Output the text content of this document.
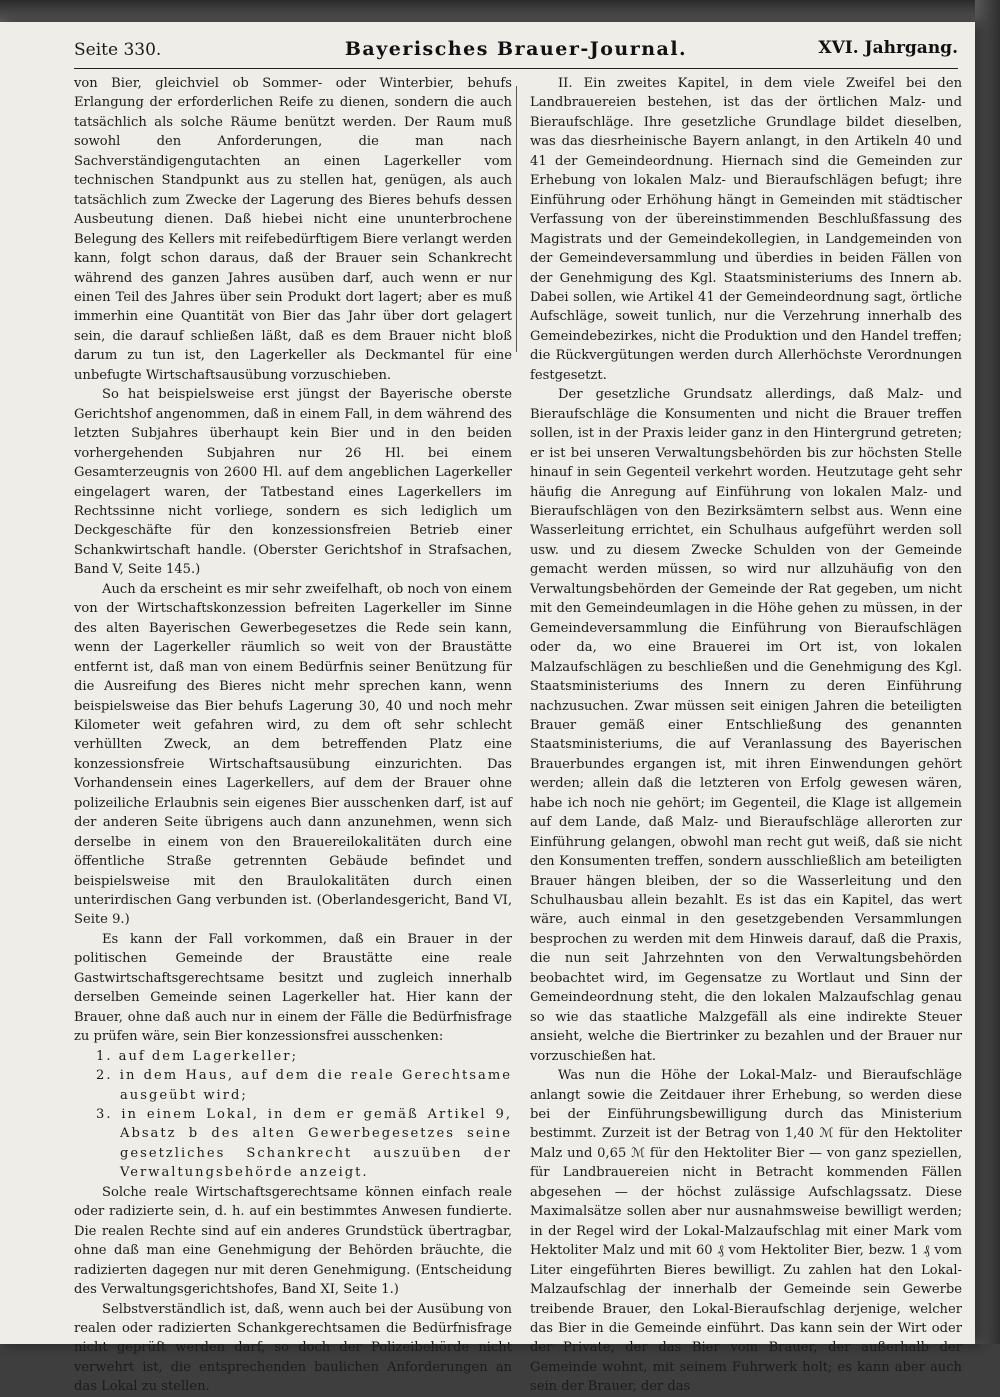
Seite 330.	Bayerisches Brauer-Journal.	XVI. Jahrgang.

von Bier, gleichviel ob Sommer- oder Winterbier, behufs Erlangung der erforderlichen Reife zu dienen, sondern die auch tatsächlich als solche Räume benützt werden. Der Raum muß sowohl den Anforderungen, die man nach Sachverständigengutachten an einen Lagerkeller vom technischen Standpunkt aus zu stellen hat, genügen, als auch tatsächlich zum Zwecke der Lagerung des Bieres behufs dessen Ausbeutung dienen. Daß hiebei nicht eine ununterbrochene Belegung des Kellers mit reifebedürftigem Biere verlangt werden kann, folgt schon daraus, daß der Brauer sein Schankrecht während des ganzen Jahres ausüben darf, auch wenn er nur einen Teil des Jahres über sein Produkt dort lagert; aber es muß immerhin eine Quantität von Bier das Jahr über dort gelagert sein, die darauf schließen läßt, daß es dem Brauer nicht bloß darum zu tun ist, den Lagerkeller als Deckmantel für eine unbefugte Wirtschaftsausübung vorzuschieben.

So hat beispielsweise erst jüngst der Bayerische oberste Gerichtshof angenommen, daß in einem Fall, in dem während des letzten Subjahres überhaupt kein Bier und in den beiden vorhergehenden Subjahren nur 26 Hl. bei einem Gesamterzeugnis von 2600 Hl. auf dem angeblichen Lagerkeller eingelagert waren, der Tatbestand eines Lagerkellers im Rechtssinne nicht vorliege, sondern es sich lediglich um Deckgeschäfte für den konzessionsfreien Betrieb einer Schankwirtschaft handle. (Oberster Gerichtshof in Strafsachen, Band V, Seite 145.)

Auch da erscheint es mir sehr zweifelhaft, ob noch von einem von der Wirtschaftskonzession befreiten Lagerkeller im Sinne des alten Bayerischen Gewerbegesetzes die Rede sein kann, wenn der Lagerkeller räumlich so weit von der Braustätte entfernt ist, daß man von einem Bedürfnis seiner Benützung für die Ausreifung des Bieres nicht mehr sprechen kann, wenn beispielsweise das Bier behufs Lagerung 30, 40 und noch mehr Kilometer weit gefahren wird, zu dem oft sehr schlecht verhüllten Zweck, an dem betreffenden Platz eine konzessionsfreie Wirtschaftsausübung einzurichten. Das Vorhandensein eines Lagerkellers, auf dem der Brauer ohne polizeiliche Erlaubnis sein eigenes Bier ausschenken darf, ist auf der anderen Seite übrigens auch dann anzunehmen, wenn sich derselbe in einem von den Brauereilokalitäten durch eine öffentliche Straße getrennten Gebäude befindet und beispielsweise mit den Braulokalitäten durch einen unterirdischen Gang verbunden ist. (Oberlandesgericht, Band VI, Seite 9.)

Es kann der Fall vorkommen, daß ein Brauer in der politischen Gemeinde der Braustätte eine reale Gastwirtschaftsgerechtsame besitzt und zugleich innerhalb derselben Gemeinde seinen Lagerkeller hat. Hier kann der Brauer, ohne daß auch nur in einem der Fälle die Bedürfnisfrage zu prüfen wäre, sein Bier konzessionsfrei ausschenken:

1. auf dem Lagerkeller;
2. in dem Haus, auf dem die reale Gerechtsame ausgeübt wird;
3. in einem Lokal, in dem er gemäß Artikel 9, Absatz b des alten Gewerbegesetzes seine gesetzliches Schankrecht auszuüben der Verwaltungsbehörde anzeigt.

Solche reale Wirtschaftsgerechtsame können einfach reale oder radizierte sein, d. h. auf ein bestimmtes Anwesen fundierte. Die realen Rechte sind auf ein anderes Grundstück übertragbar, ohne daß man eine Genehmigung der Behörden bräuchte, die radizierten dagegen nur mit deren Genehmigung. (Entscheidung des Verwaltungsgerichtshofes, Band XI, Seite 1.)

Selbstverständlich ist, daß, wenn auch bei der Ausübung von realen oder radizierten Schankgerechtsamen die Bedürfnisfrage nicht geprüft werden darf, so doch der Polizeibehörde nicht verwehrt ist, die entsprechenden baulichen Anforderungen an das Lokal zu stellen.

II. Ein zweites Kapitel, in dem viele Zweifel bei den Landbrauereien bestehen, ist das der örtlichen Malz- und Bieraufschläge. Ihre gesetzliche Grundlage bildet dieselben, was das diesrheinische Bayern anlangt, in den Artikeln 40 und 41 der Gemeindeordnung. Hiernach sind die Gemeinden zur Erhebung von lokalen Malz- und Bieraufschlägen befugt; ihre Einführung oder Erhöhung hängt in Gemeinden mit städtischer Verfassung von der übereinstimmenden Beschlußfassung des Magistrats und der Gemeindekollegien, in Landgemeinden von der Gemeindeversammlung und überdies in beiden Fällen von der Genehmigung des Kgl. Staatsministeriums des Innern ab. Dabei sollen, wie Artikel 41 der Gemeindeordnung sagt, örtliche Aufschläge, soweit tunlich, nur die Verzehrung innerhalb des Gemeindebezirkes, nicht die Produktion und den Handel treffen; die Rückvergütungen werden durch Allerhöchste Verordnungen festgesetzt.

Der gesetzliche Grundsatz allerdings, daß Malz- und Bieraufschläge die Konsumenten und nicht die Brauer treffen sollen, ist in der Praxis leider ganz in den Hintergrund getreten; er ist bei unseren Verwaltungsbehörden bis zur höchsten Stelle hinauf in sein Gegenteil verkehrt worden. Heutzutage geht sehr häufig die Anregung auf Einführung von lokalen Malz- und Bieraufschlägen von den Bezirksämtern selbst aus. Wenn eine Wasserleitung errichtet, ein Schulhaus aufgeführt werden soll usw. und zu diesem Zwecke Schulden von der Gemeinde gemacht werden müssen, so wird nur allzuhäufig von den Verwaltungsbehörden der Gemeinde der Rat gegeben, um nicht mit den Gemeindeumlagen in die Höhe gehen zu müssen, in der Gemeindeversammlung die Einführung von Bieraufschlägen oder da, wo eine Brauerei im Ort ist, von lokalen Malzaufschlägen zu beschließen und die Genehmigung des Kgl. Staatsministeriums des Innern zu deren Einführung nachzusuchen. Zwar müssen seit einigen Jahren die beteiligten Brauer gemäß einer Entschließung des genannten Staatsministeriums, die auf Veranlassung des Bayerischen Brauerbundes ergangen ist, mit ihren Einwendungen gehört werden; allein daß die letzteren von Erfolg gewesen wären, habe ich noch nie gehört; im Gegenteil, die Klage ist allgemein auf dem Lande, daß Malz- und Bieraufschläge allerorten zur Einführung gelangen, obwohl man recht gut weiß, daß sie nicht den Konsumenten treffen, sondern ausschließlich am beteiligten Brauer hängen bleiben, der so die Wasserleitung und den Schulhausbau allein bezahlt. Es ist das ein Kapitel, das wert wäre, auch einmal in den gesetzgebenden Versammlungen besprochen zu werden mit dem Hinweis darauf, daß die Praxis, die nun seit Jahrzehnten von den Verwaltungsbehörden beobachtet wird, im Gegensatze zu Wortlaut und Sinn der Gemeindeordnung steht, die den lokalen Malzaufschlag genau so wie das staatliche Malzgefäll als eine indirekte Steuer ansieht, welche die Biertrinker zu bezahlen und der Brauer nur vorzuschießen hat.

Was nun die Höhe der Lokal-Malz- und Bieraufschläge anlangt sowie die Zeitdauer ihrer Erhebung, so werden diese bei der Einführungsbewilligung durch das Ministerium bestimmt. Zurzeit ist der Betrag von 1,40 ℳ für den Hektoliter Malz und 0,65 ℳ für den Hektoliter Bier — von ganz speziellen, für Landbrauereien nicht in Betracht kommenden Fällen abgesehen — der höchst zulässige Aufschlagssatz. Diese Maximalsätze sollen aber nur ausnahmsweise bewilligt werden; in der Regel wird der Lokal-Malzaufschlag mit einer Mark vom Hektoliter Malz und mit 60 ₰ vom Hektoliter Bier, bezw. 1 ₰ vom Liter eingeführten Bieres bewilligt. Zu zahlen hat den Lokal-Malzaufschlag der innerhalb der Gemeinde sein Gewerbe treibende Brauer, den Lokal-Bieraufschlag derjenige, welcher das Bier in die Gemeinde einführt. Das kann sein der Wirt oder der Private, der das Bier vom Brauer, der außerhalb der Gemeinde wohnt, mit seinem Fuhrwerk holt; es kann aber auch sein der Brauer, der das
